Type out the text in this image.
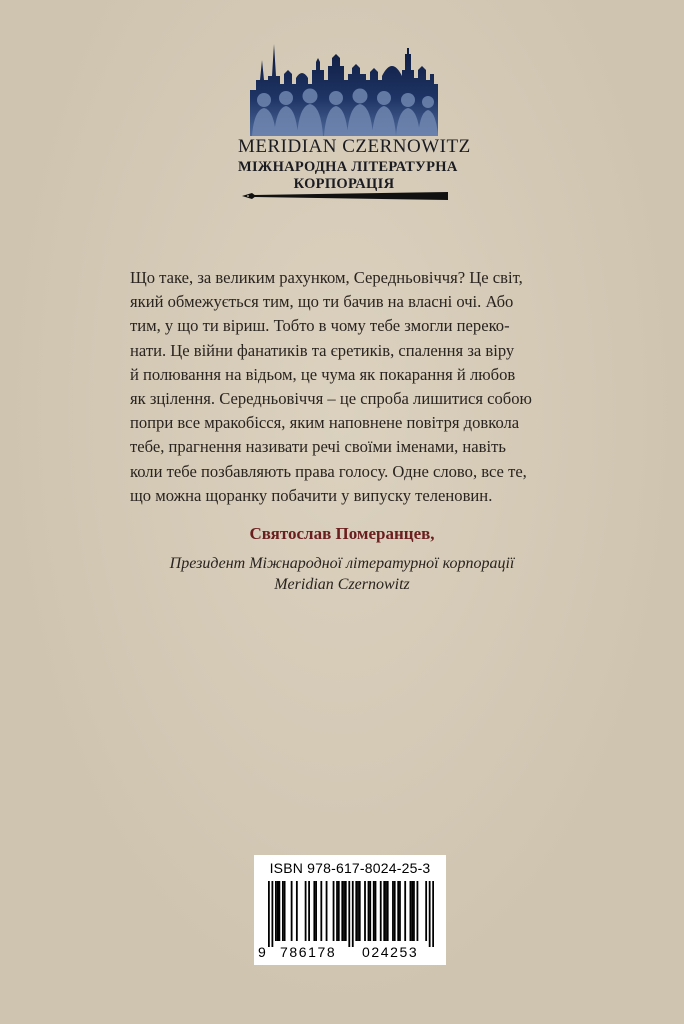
MERIDIAN CZERNOWITZ
МІЖНАРОДНА ЛІТЕРАТУРНА
КОРПОРАЦІЯ
Що таке, за великим рахунком, Середньовіччя? Це світ,
який обмежується тим, що ти бачив на власні очі. Або
тим, у що ти віриш. Тобто в чому тебе змогли переко-
нати. Це війни фанатиків та єретиків, спалення за віру
й полювання на відьом, це чума як покарання й любов
як зцілення. Середньовіччя – це спроба лишитися собою
попри все мракобісся, яким наповнене повітря довкола
тебе, прагнення називати речі своїми іменами, навіть
коли тебе позбавляють права голосу. Одне слово, все те,
що можна щоранку побачити у випуску теленовин.
Святослав Померанцев,
Президент Міжнародної літературної корпорації
Meridian Czernowitz
ISBN 978-617-8024-25-3
9 786178 024253
